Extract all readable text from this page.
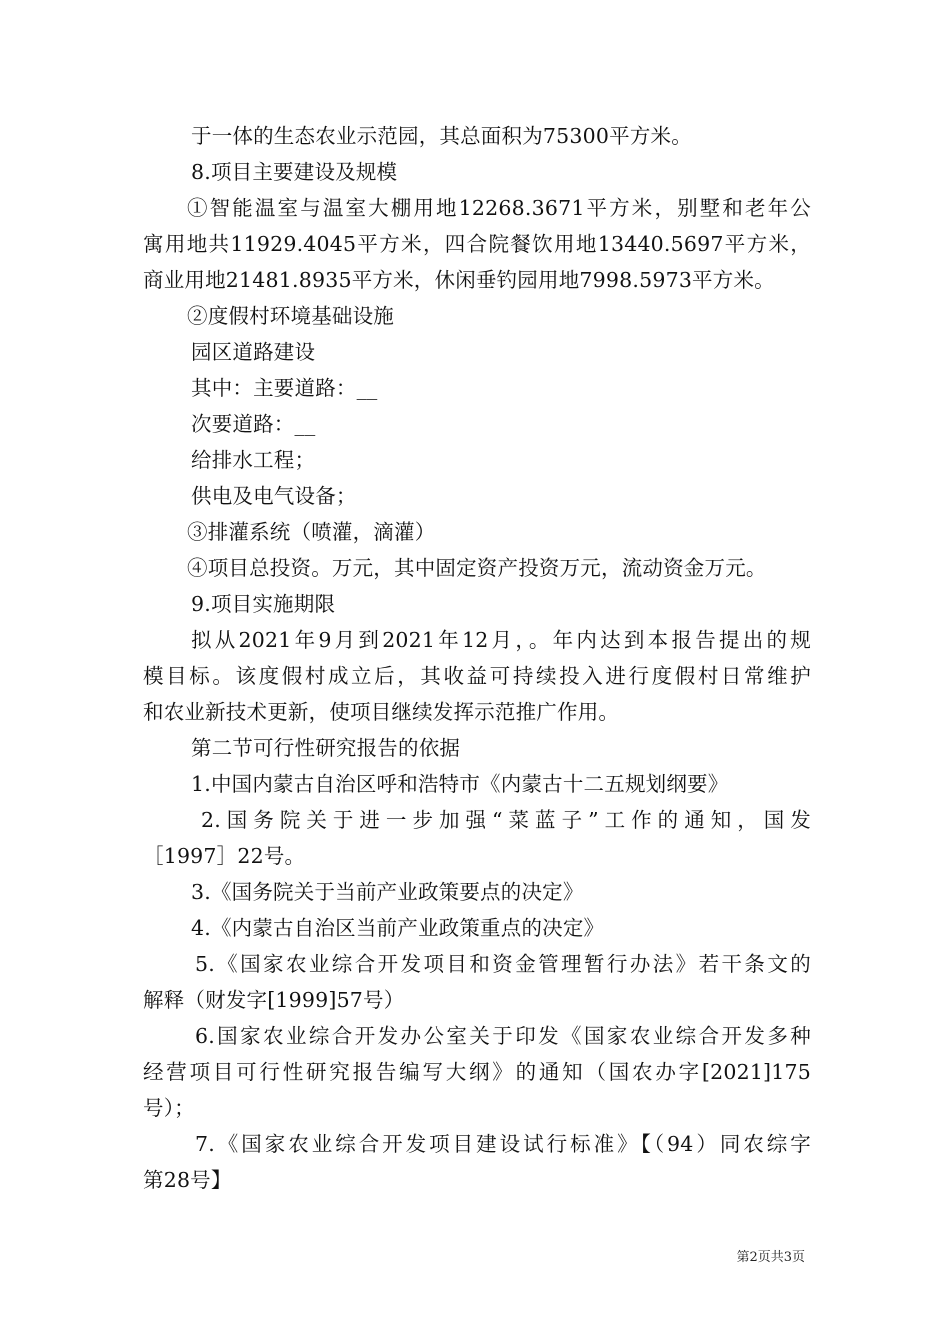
于一体的生态农业示范园，其总面积为75300平方米。
8.项目主要建设及规模
①智能温室与温室大棚用地12268.3671平方米，别墅和老年公
寓用地共11929.4045平方米，四合院餐饮用地13440.5697平方米，
商业用地21481.8935平方米，休闲垂钓园用地7998.5973平方米。
②度假村环境基础设施
园区道路建设
其中：主要道路：__
次要道路：__
给排水工程；
供电及电气设备；
③排灌系统（喷灌，滴灌）
④项目总投资。万元，其中固定资产投资万元，流动资金万元。
9.项目实施期限
拟从2021年9月到2021年12月，。年内达到本报告提出的规
模目标。该度假村成立后，其收益可持续投入进行度假村日常维护
和农业新技术更新，使项目继续发挥示范推广作用。
第二节可行性研究报告的依据
1.中国内蒙古自治区呼和浩特市《内蒙古十二五规划纲要》
2.国务院关于进一步加强“菜蓝子”工作的通知，国发
［1997］22号。
3.《国务院关于当前产业政策要点的决定》
4.《内蒙古自治区当前产业政策重点的决定》
5.《国家农业综合开发项目和资金管理暂行办法》若干条文的
解释（财发字[1999]57号）
6.国家农业综合开发办公室关于印发《国家农业综合开发多种
经营项目可行性研究报告编写大纲》的通知（国农办字[2021]175
号）；
7.《国家农业综合开发项目建设试行标准》【（94）同农综字
第28号】
第2页共3页
